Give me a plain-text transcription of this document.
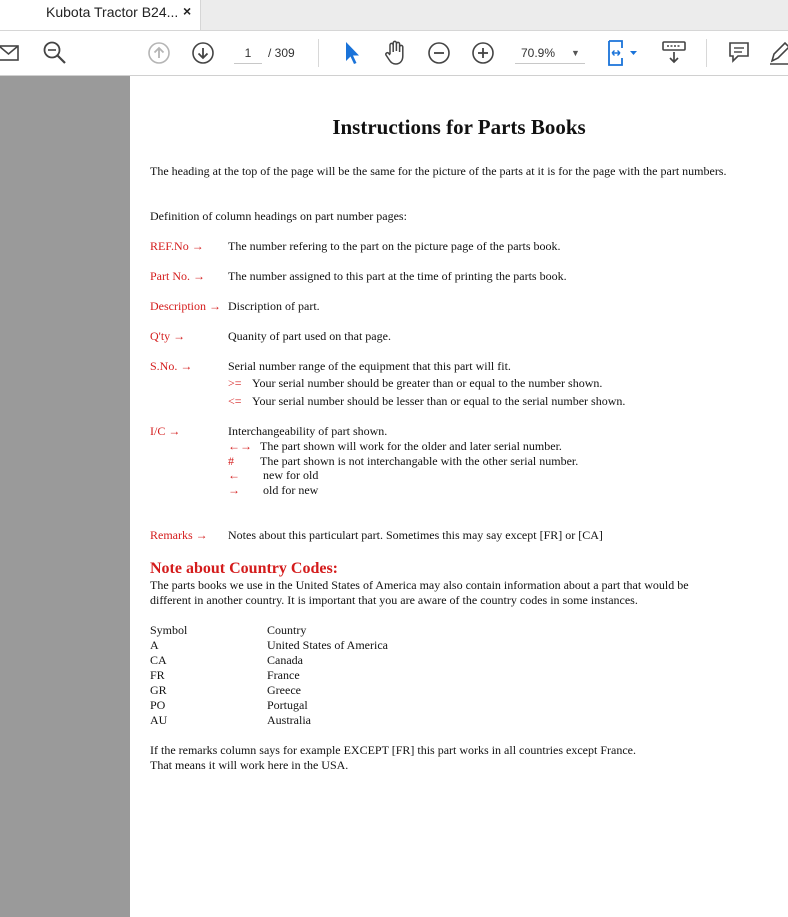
Kubota Tractor B24... ×
1	/ 309	70.9% ▼
Instructions for Parts Books
The heading at the top of the page will be the same for the picture of the parts at it is for the page with the part numbers.
Definition of column headings on part number pages:
REF.No → The number refering to the part on the picture page of the parts book.
Part No. → The number assigned to this part at the time of printing the parts book.
Description → Discription of part.
Q'ty →	Quanity of part used on that page.
S.No. →	Serial number range of the equipment that this part will fit.
>= Your serial number should be greater than or equal to the number shown.
<= Your serial number should be lesser than or equal to the serial number shown.
I/C →	Interchangeability of part shown.
←→ The part shown will work for the older and later serial number.
# The part shown is not interchangable with the other serial number.
← new for old
→ old for new
Remarks → Notes about this particulart part. Sometimes this may say except [FR] or [CA]
Note about Country Codes:
The parts books we use in the United States of America may also contain information about a part that would be
different in another country. It is important that you are aware of the country codes in some instances.
Symbol	Country
A	United States of America
CA	Canada
FR	France
GR	Greece
PO	Portugal
AU	Australia
If the remarks column says for example EXCEPT [FR] this part works in all countries except France.
That means it will work here in the USA.
